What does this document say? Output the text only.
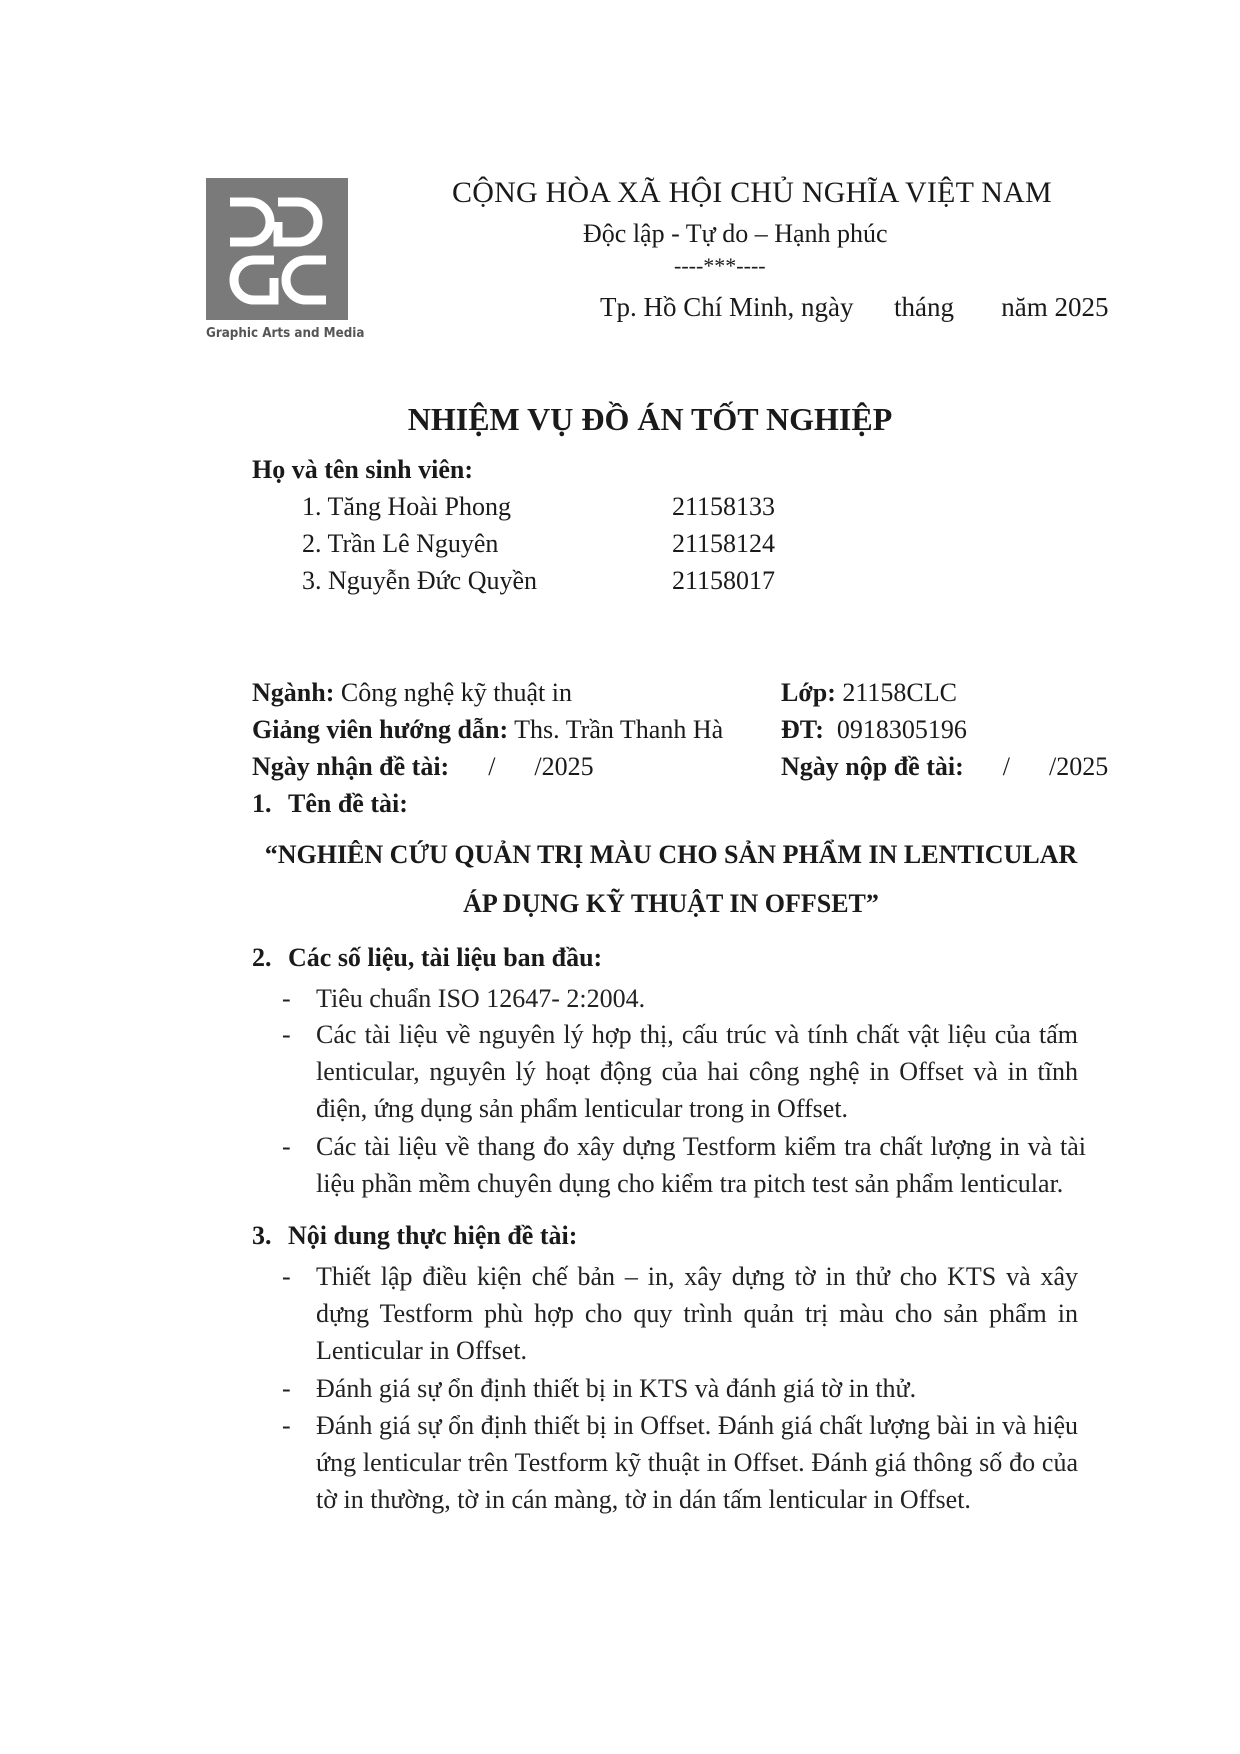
Graphic Arts and Media
CỘNG HÒA XÃ HỘI CHỦ NGHĨA VIỆT NAM
Độc lập - Tự do – Hạnh phúc
----***----
Tp. Hồ Chí Minh, ngày      tháng       năm 2025
NHIỆM VỤ ĐỒ ÁN TỐT NGHIỆP
Họ và tên sinh viên:
1. Tăng Hoài Phong	21158133
2. Trần Lê Nguyên	21158124
3. Nguyễn Đức Quyền	21158017
Ngành: Công nghệ kỹ thuật in	Lớp: 21158CLC
Giảng viên hướng dẫn: Ths. Trần Thanh Hà ĐT:  0918305196
Ngày nhận đề tài:      /      /2025	Ngày nộp đề tài:      /      /2025
1. Tên đề tài:
“NGHIÊN CỨU QUẢN TRỊ MÀU CHO SẢN PHẨM IN LENTICULAR
ÁP DỤNG KỸ THUẬT IN OFFSET”
2. Các số liệu, tài liệu ban đầu:
- Tiêu chuẩn ISO 12647- 2:2004.
- Các tài liệu về nguyên lý hợp thị, cấu trúc và tính chất vật liệu của tấm lenticular, nguyên lý hoạt động của hai công nghệ in Offset và in tĩnh điện, ứng dụng sản phẩm lenticular trong in Offset.
- Các tài liệu về thang đo xây dựng Testform kiểm tra chất lượng in và tài liệu phần mềm chuyên dụng cho kiểm tra pitch test sản phẩm lenticular.
3. Nội dung thực hiện đề tài:
- Thiết lập điều kiện chế bản – in, xây dựng tờ in thử cho KTS và xây dựng Testform phù hợp cho quy trình quản trị màu cho sản phẩm in Lenticular in Offset.
- Đánh giá sự ổn định thiết bị in KTS và đánh giá tờ in thử.
- Đánh giá sự ổn định thiết bị in Offset. Đánh giá chất lượng bài in và hiệu ứng lenticular trên Testform kỹ thuật in Offset. Đánh giá thông số đo của tờ in thường, tờ in cán màng, tờ in dán tấm lenticular in Offset.
